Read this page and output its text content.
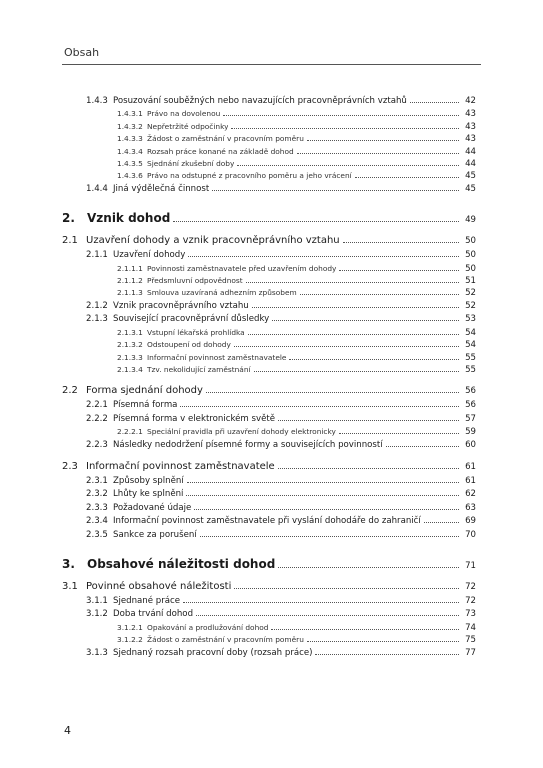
Obsah
1.4.3 Posuzování souběžných nebo navazujících pracovněprávních vztahů	42
1.4.3.1 Právo na dovolenou	43
1.4.3.2 Nepřetržité odpočinky	43
1.4.3.3 Žádost o zaměstnání v pracovním poměru	43
1.4.3.4 Rozsah práce konané na základě dohod	44
1.4.3.5 Sjednání zkušební doby	44
1.4.3.6 Právo na odstupné z pracovního poměru a jeho vrácení	45
1.4.4 Jiná výdělečná činnost	45
2. Vznik dohod	49
2.1 Uzavření dohody a vznik pracovněprávního vztahu	50
2.1.1 Uzavření dohody	50
2.1.1.1 Povinnosti zaměstnavatele před uzavřením dohody	50
2.1.1.2 Předsmluvní odpovědnost	51
2.1.1.3 Smlouva uzavíraná adhezním způsobem	52
2.1.2 Vznik pracovněprávního vztahu	52
2.1.3 Související pracovněprávní důsledky	53
2.1.3.1 Vstupní lékařská prohlídka	54
2.1.3.2 Odstoupení od dohody	54
2.1.3.3 Informační povinnost zaměstnavatele	55
2.1.3.4 Tzv. nekolidující zaměstnání	55
2.2 Forma sjednání dohody	56
2.2.1 Písemná forma	56
2.2.2 Písemná forma v elektronickém světě	57
2.2.2.1 Speciální pravidla při uzavření dohody elektronicky	59
2.2.3 Následky nedodržení písemné formy a souvisejících povinností	60
2.3 Informační povinnost zaměstnavatele	61
2.3.1 Způsoby splnění	61
2.3.2 Lhůty ke splnění	62
2.3.3 Požadované údaje	63
2.3.4 Informační povinnost zaměstnavatele při vyslání dohodáře do zahraničí	69
2.3.5 Sankce za porušení	70
3. Obsahové náležitosti dohod	71
3.1 Povinné obsahové náležitosti	72
3.1.1 Sjednané práce	72
3.1.2 Doba trvání dohod	73
3.1.2.1 Opakování a prodlužování dohod	74
3.1.2.2 Žádost o zaměstnání v pracovním poměru	75
3.1.3 Sjednaný rozsah pracovní doby (rozsah práce)	77
4
